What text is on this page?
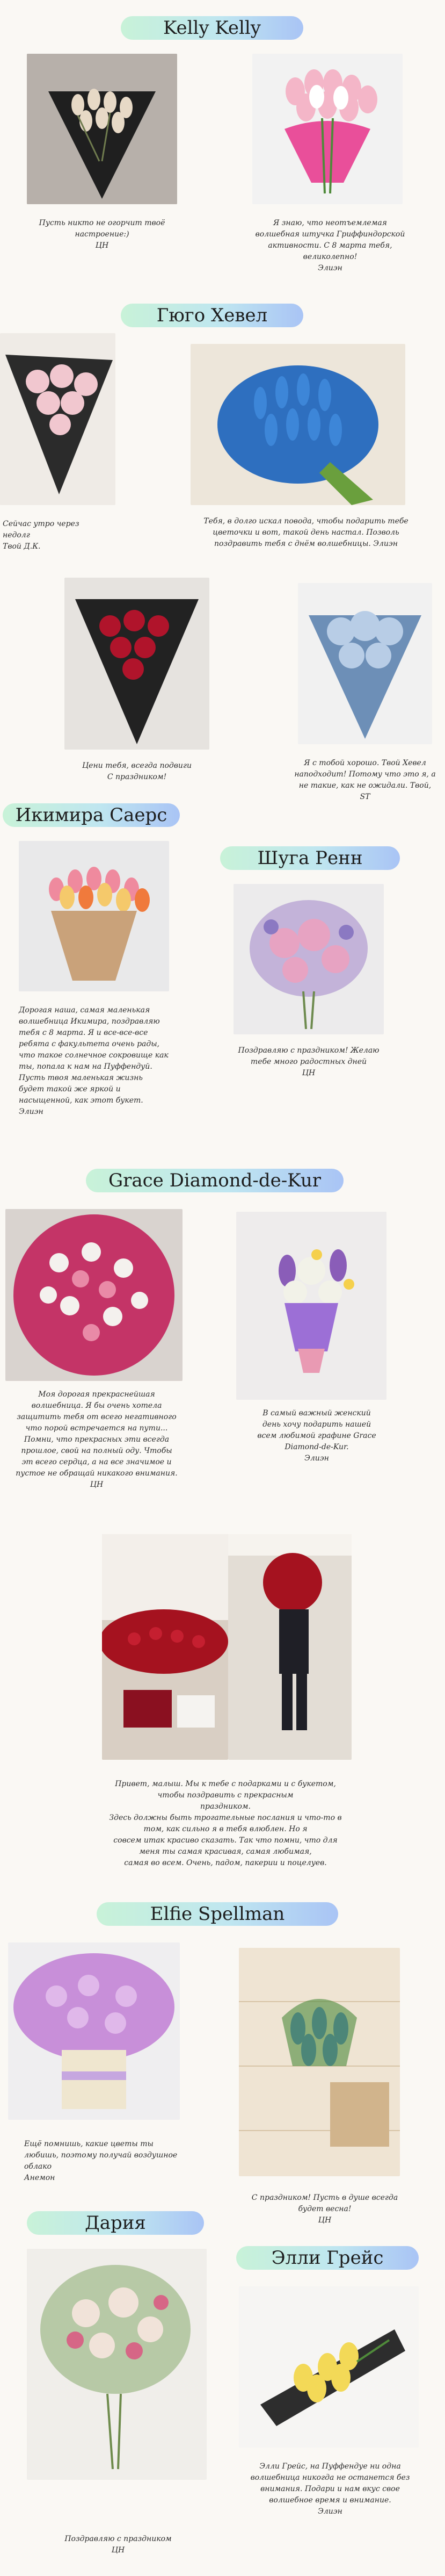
Kelly Kelly
Пусть никто не огорчит твоё
настроение:)
ЦН
Я знаю, что неотъемлемая
волшебная штучка Гриффиндорской
активности. С 8 марта тебя,
великолепно!
Элиэн
Гюго Хевел
Сейчас утро через
недолг
Твой Д.К.
Тебя, в долго искал повода, чтобы подарить тебе
цветочки и вот, такой день настал. Позволь
поздравить тебя с днём волшебницы. Элиэн
Цени тебя, всегда подвиги
С праздником!
Я с тобой хорошо. Твой Хевел
наподходит! Потому что это я, а
не такие, как не ожидали. Твой,
ST
Икимира Саерс
Шуга Ренн
Дорогая наша, самая маленькая
волшебница Икимира, поздравляю
тебя с 8 марта. Я и все-все-все
ребята с факультета очень рады,
что такое солнечное сокровище как
ты, попала к нам на Пуффендуй.
Пусть твоя маленькая жизнь
будет такой же яркой и
насыщенной, как этот букет.
Элиэн
Поздравляю с праздником! Желаю
тебе много радостных дней
ЦН
Grace Diamond-de-Kur
Моя дорогая прекраснейшая
волшебница. Я бы очень хотела
защитить тебя от всего негативного
что порой встречается на пути...
Помни, что прекрасных эти всегда
прошлое, свой на полный оду. Чтобы
эт всего сердца, а на все значимое и
пустое не обращай никакого внимания.
ЦН
В самый важный женский
день хочу подарить нашей
всем любимой графине Grace
Diamond-de-Kur.
Элиэн
Привет, малыш. Мы к тебе с подарками и с букетом,
чтобы поздравить с прекрасным
праздником.
Здесь должны быть трогательные послания и что-то в
том, как сильно я в тебя влюблен. Но я
совсем итак красиво сказать. Так что помни, что для
меня ты самая красивая, самая любимая,
самая во всем. Очень, падом, пакерии и поцелуев.
Elfie Spellman
Ещё помнишь, какие цветы ты
любишь, поэтому получай воздушное
облако
Анемон
С праздником! Пусть в душе всегда
будет весна!
ЦН
Дария
Элли Грейс
Поздравляю с праздником
ЦН
Элли Грейс, на Пуффендуе ни одна
волшебница никогда не останется без
внимания. Подари и нам вкус свое
волшебное время и внимание.
Элиэн
